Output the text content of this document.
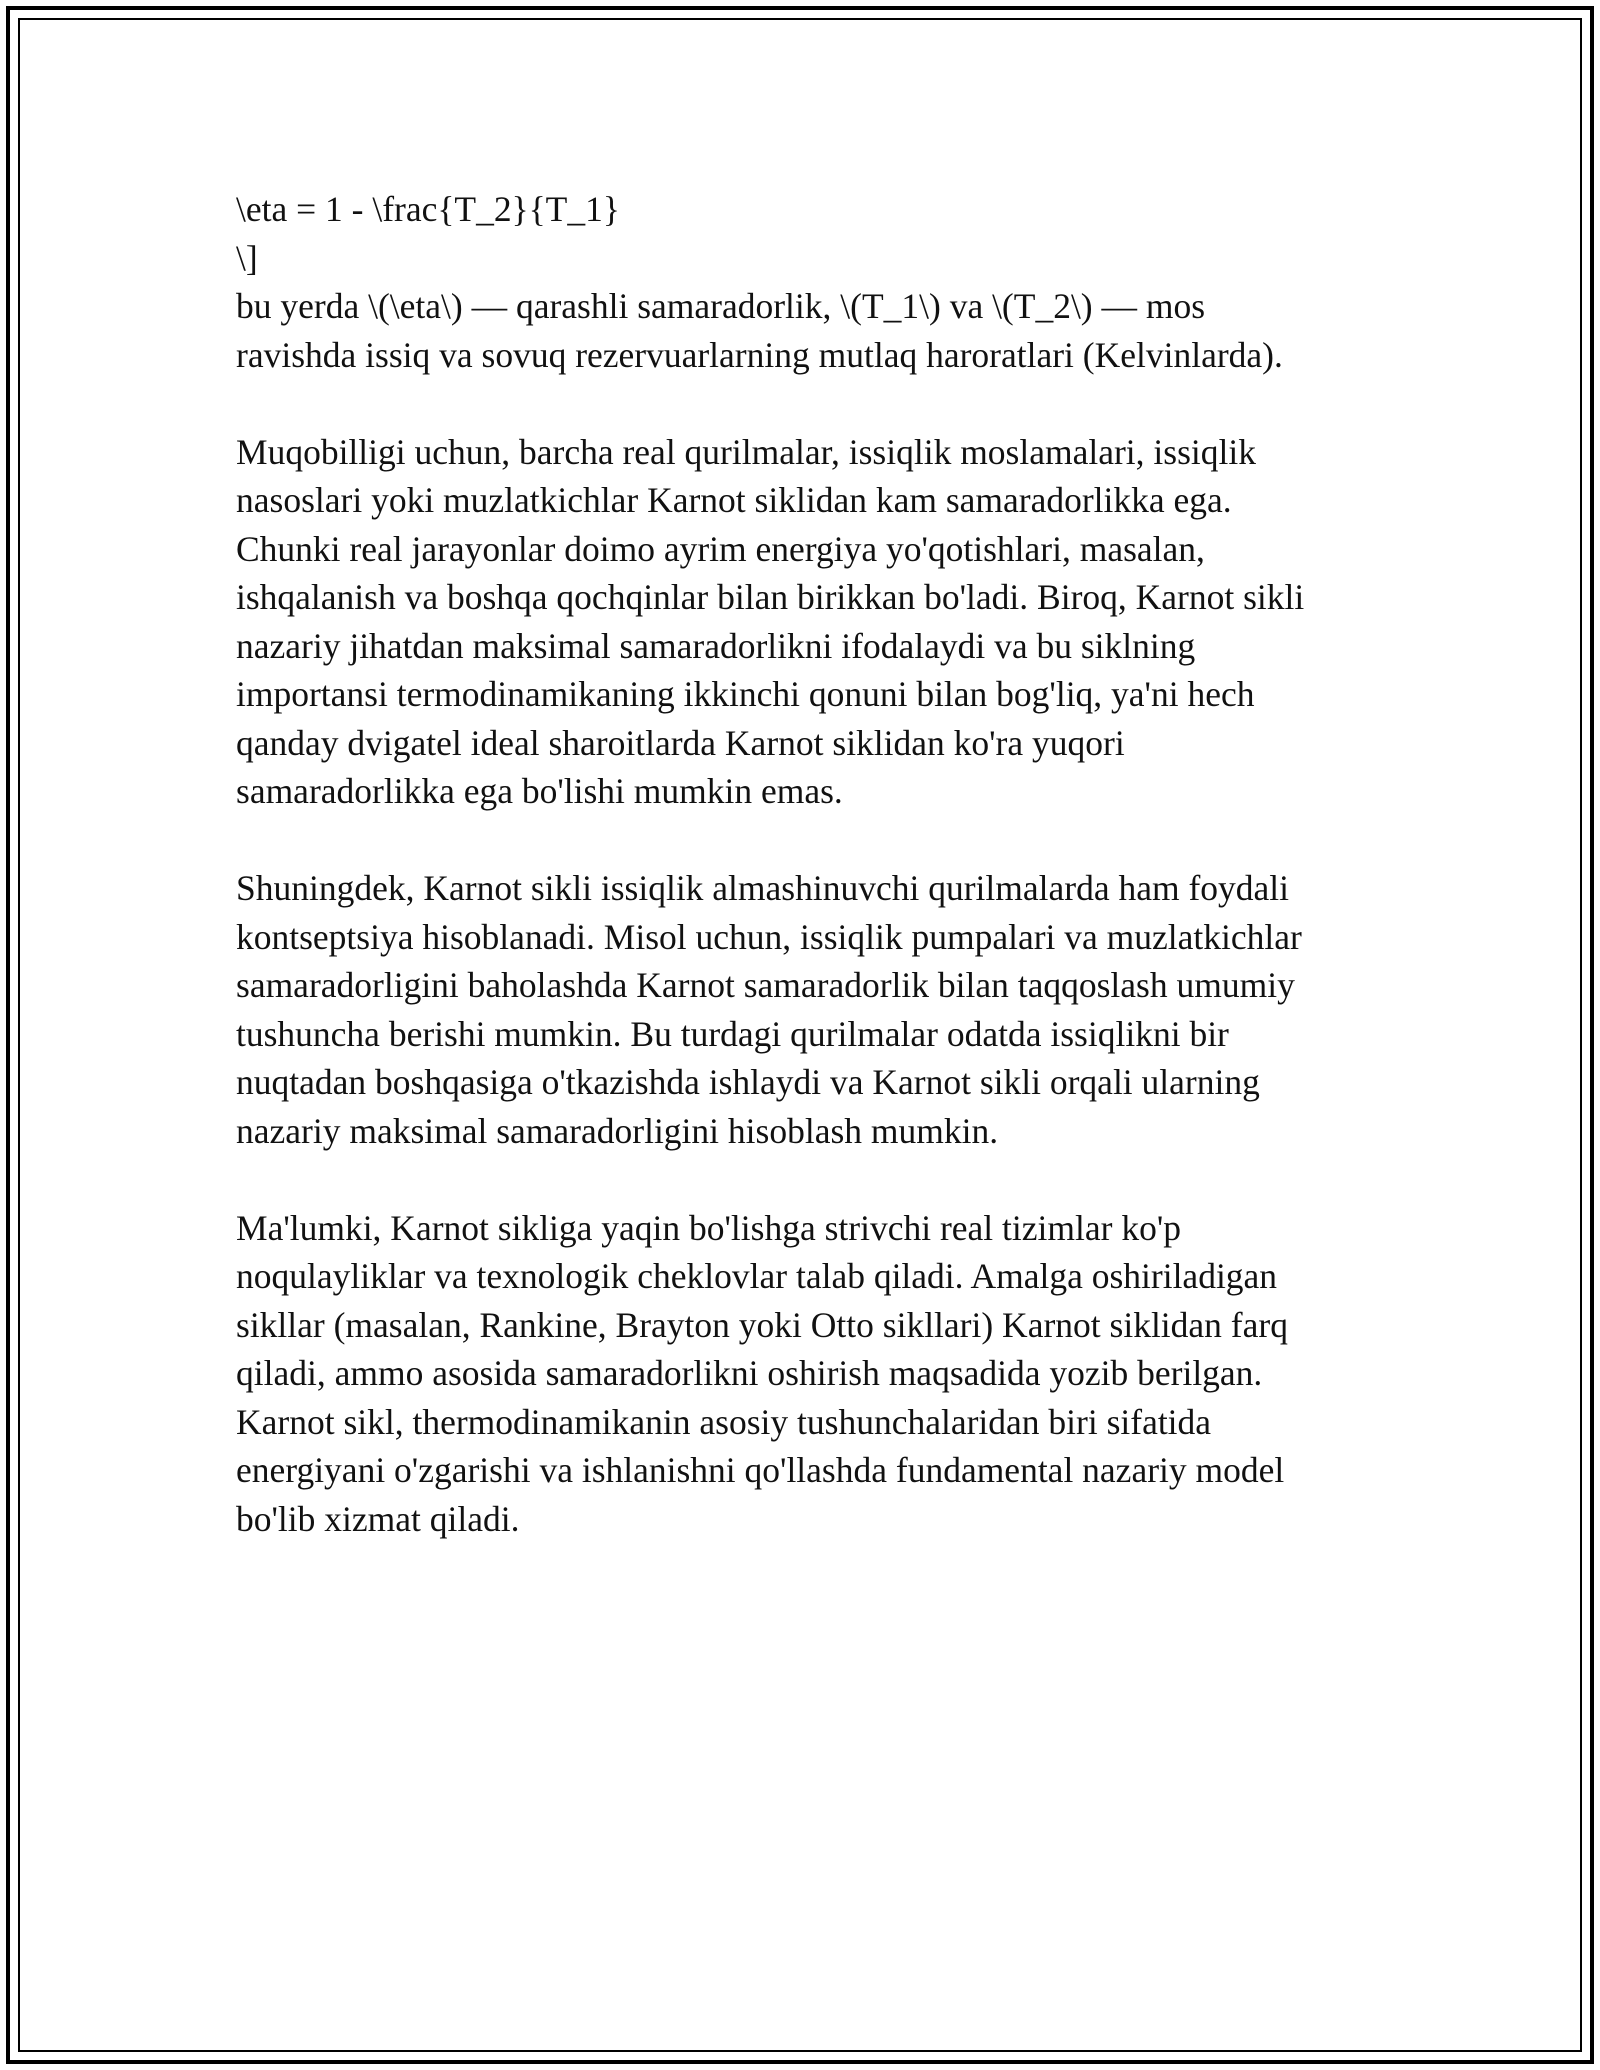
\eta = 1 - \frac{T_2}{T_1}
\]
bu yerda \(\eta\) — qarashli samaradorlik, \(T_1\) va \(T_2\) — mos
ravishda issiq va sovuq rezervuarlarning mutlaq haroratlari (Kelvinlarda).
Muqobilligi uchun, barcha real qurilmalar, issiqlik moslamalari, issiqlik
nasoslari yoki muzlatkichlar Karnot siklidan kam samaradorlikka ega.
Chunki real jarayonlar doimo ayrim energiya yo'qotishlari, masalan,
ishqalanish va boshqa qochqinlar bilan birikkan bo'ladi. Biroq, Karnot sikli
nazariy jihatdan maksimal samaradorlikni ifodalaydi va bu siklning
importansi termodinamikaning ikkinchi qonuni bilan bog'liq, ya'ni hech
qanday dvigatel ideal sharoitlarda Karnot siklidan ko'ra yuqori
samaradorlikka ega bo'lishi mumkin emas.
Shuningdek, Karnot sikli issiqlik almashinuvchi qurilmalarda ham foydali
kontseptsiya hisoblanadi. Misol uchun, issiqlik pumpalari va muzlatkichlar
samaradorligini baholashda Karnot samaradorlik bilan taqqoslash umumiy
tushuncha berishi mumkin. Bu turdagi qurilmalar odatda issiqlikni bir
nuqtadan boshqasiga o'tkazishda ishlaydi va Karnot sikli orqali ularning
nazariy maksimal samaradorligini hisoblash mumkin.
Ma'lumki, Karnot sikliga yaqin bo'lishga strivchi real tizimlar ko'p
noqulayliklar va texnologik cheklovlar talab qiladi. Amalga oshiriladigan
sikllar (masalan, Rankine, Brayton yoki Otto sikllari) Karnot siklidan farq
qiladi, ammo asosida samaradorlikni oshirish maqsadida yozib berilgan.
Karnot sikl, thermodinamikanin asosiy tushunchalaridan biri sifatida
energiyani o'zgarishi va ishlanishni qo'llashda fundamental nazariy model
bo'lib xizmat qiladi.
